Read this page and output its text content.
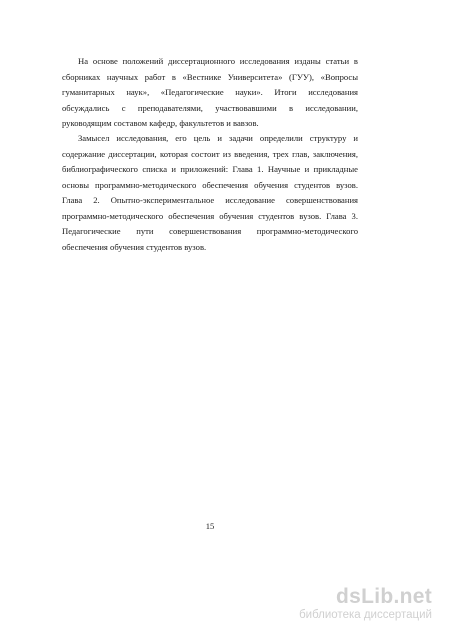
На основе положений диссертационного исследования изданы статьи в сборниках научных работ в «Вестнике Университета» (ГУУ), «Вопросы гуманитарных наук», «Педагогические науки». Итоги исследования обсуждались с преподавателями, участвовавшими в исследовании, руководящим составом кафедр, факультетов и вавзов.

Замысел исследования, его цель и задачи определили структуру и содержание диссертации, которая состоит из введения, трех глав, заключения, библиографического списка и приложений: Глава 1. Научные и прикладные основы программно-методического обеспечения обучения студентов вузов. Глава 2. Опытно-экспериментальное исследование совершенствования программно-методического обеспечения обучения студентов вузов. Глава 3. Педагогические пути совершенствования программно-методического обеспечения обучения студентов вузов.

15
dsLib.net
библиотека диссертаций
